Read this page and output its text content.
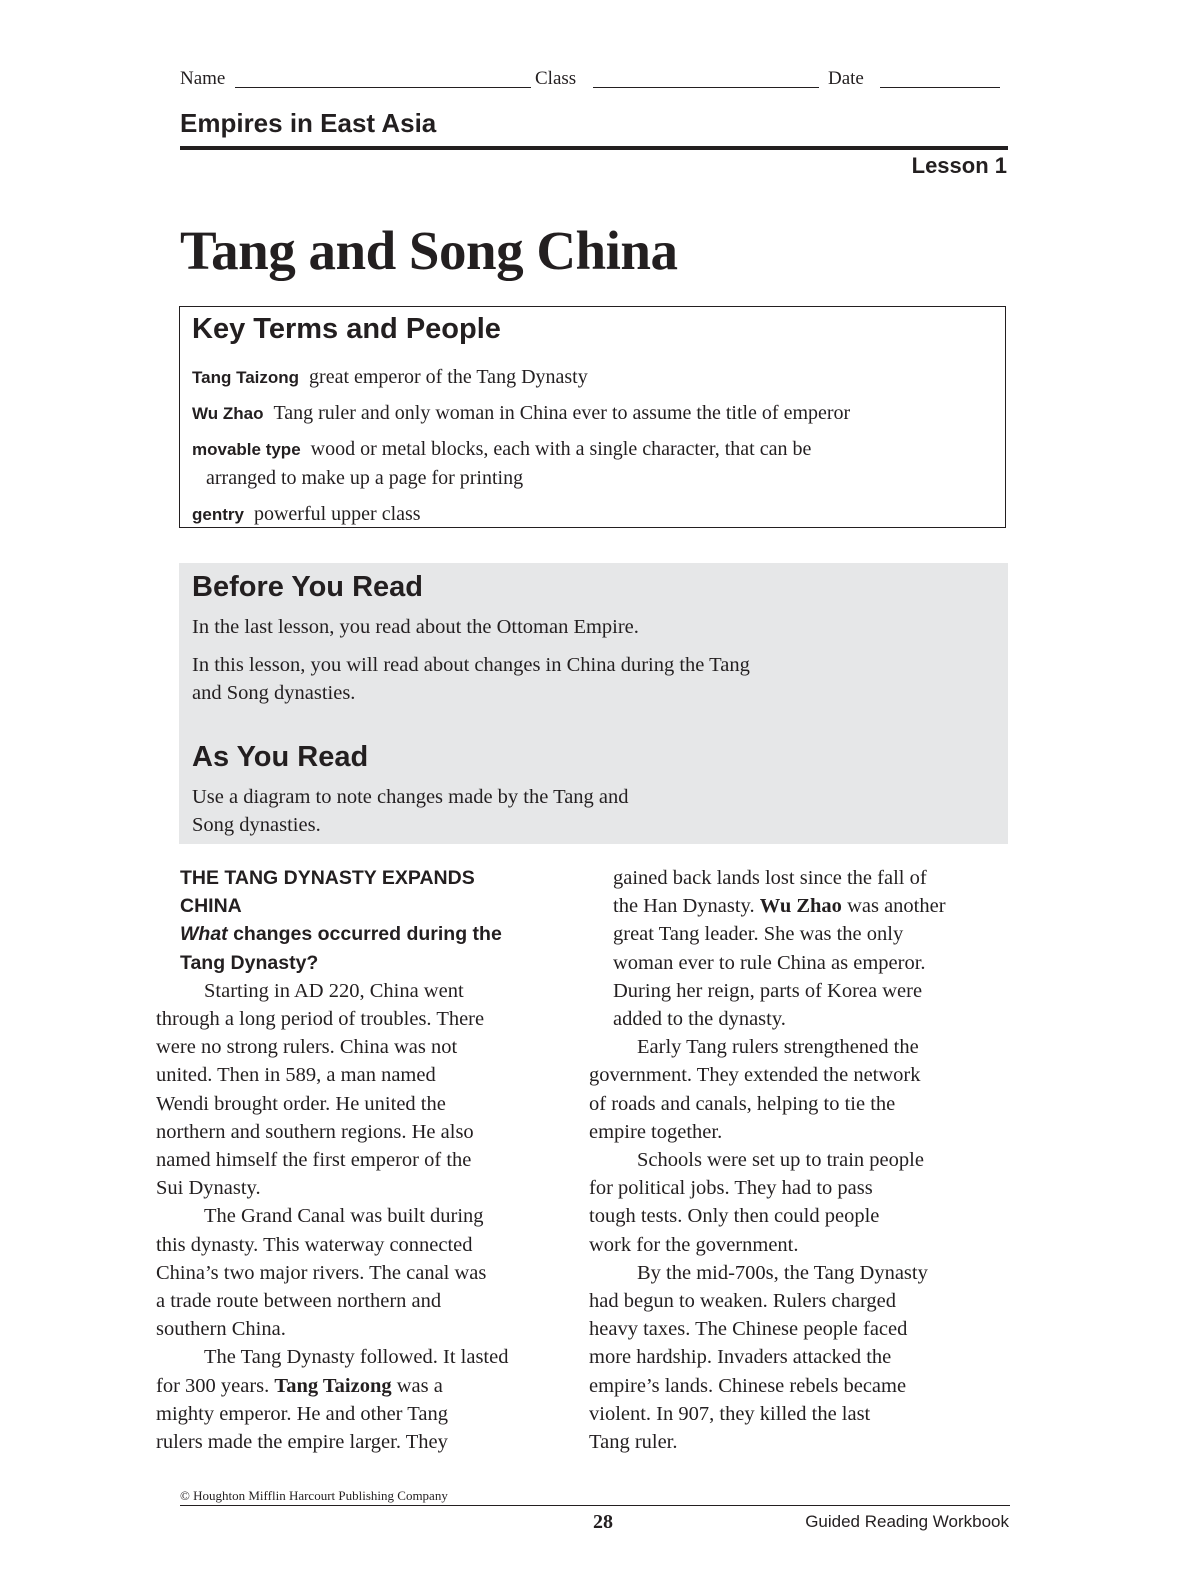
Name	Class	Date
Empires in East Asia
Lesson 1
Tang and Song China
Key Terms and People
Tang Taizong great emperor of the Tang Dynasty
Wu Zhao Tang ruler and only woman in China ever to assume the title of emperor
movable type wood or metal blocks, each with a single character, that can be
arranged to make up a page for printing
gentry powerful upper class
Before You Read

In the last lesson, you read about the Ottoman Empire.

In this lesson, you will read about changes in China during the Tang
and Song dynasties.

As You Read

Use a diagram to note changes made by the Tang and
Song dynasties.

THE TANG DYNASTY EXPANDS
CHINA
What changes occurred during the
Tang Dynasty?

Starting in AD 220, China went
through a long period of troubles. There
were no strong rulers. China was not
united. Then in 589, a man named
Wendi brought order. He united the
northern and southern regions. He also
named himself the first emperor of the
Sui Dynasty.

The Grand Canal was built during
this dynasty. This waterway connected
China’s two major rivers. The canal was
a trade route between northern and
southern China.

The Tang Dynasty followed. It lasted
for 300 years. Tang Taizong was a
mighty emperor. He and other Tang
rulers made the empire larger. They

gained back lands lost since the fall of
the Han Dynasty. Wu Zhao was another
great Tang leader. She was the only
woman ever to rule China as emperor.
During her reign, parts of Korea were
added to the dynasty.

Early Tang rulers strengthened the
government. They extended the network
of roads and canals, helping to tie the
empire together.

Schools were set up to train people
for political jobs. They had to pass
tough tests. Only then could people
work for the government.

By the mid-700s, the Tang Dynasty
had begun to weaken. Rulers charged
heavy taxes. The Chinese people faced
more hardship. Invaders attacked the
empire’s lands. Chinese rebels became
violent. In 907, they killed the last
Tang ruler.

© Houghton Mifflin Harcourt Publishing Company
28	Guided Reading Workbook
